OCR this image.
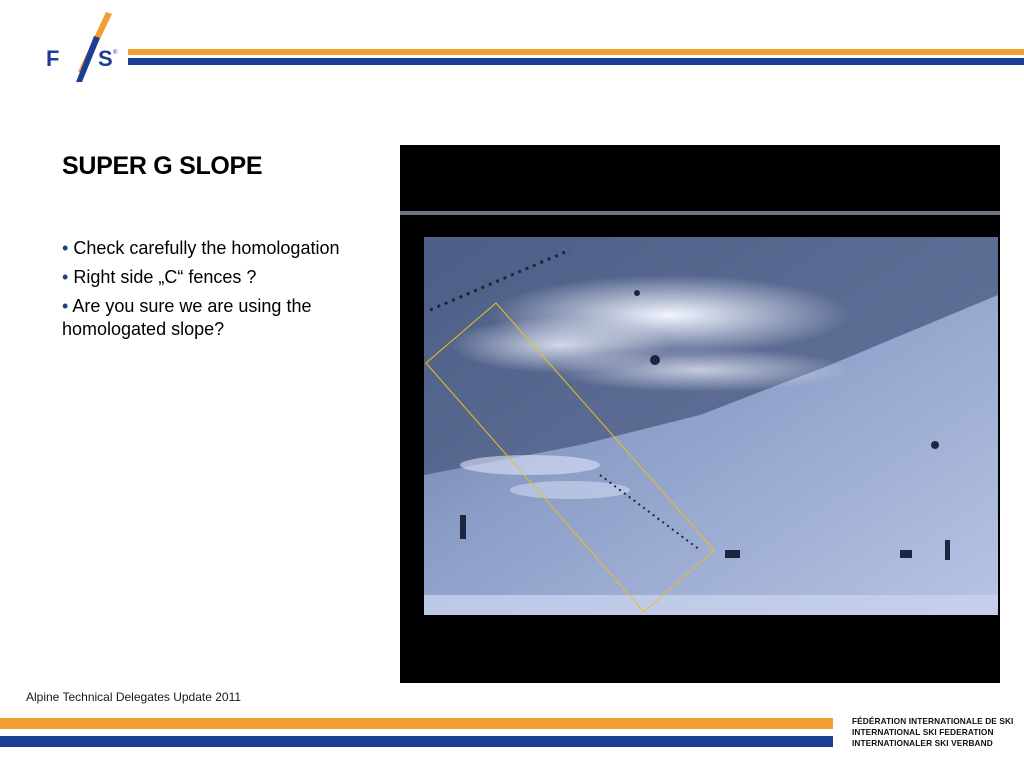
F S ®
SUPER G SLOPE
• Check carefully the homologation
• Right side „C“ fences ?
• Are you sure we are using the homologated slope?
Alpine Technical Delegates Update 2011
FÉDÉRATION INTERNATIONALE DE SKI
INTERNATIONAL SKI FEDERATION
INTERNATIONALER SKI VERBAND
